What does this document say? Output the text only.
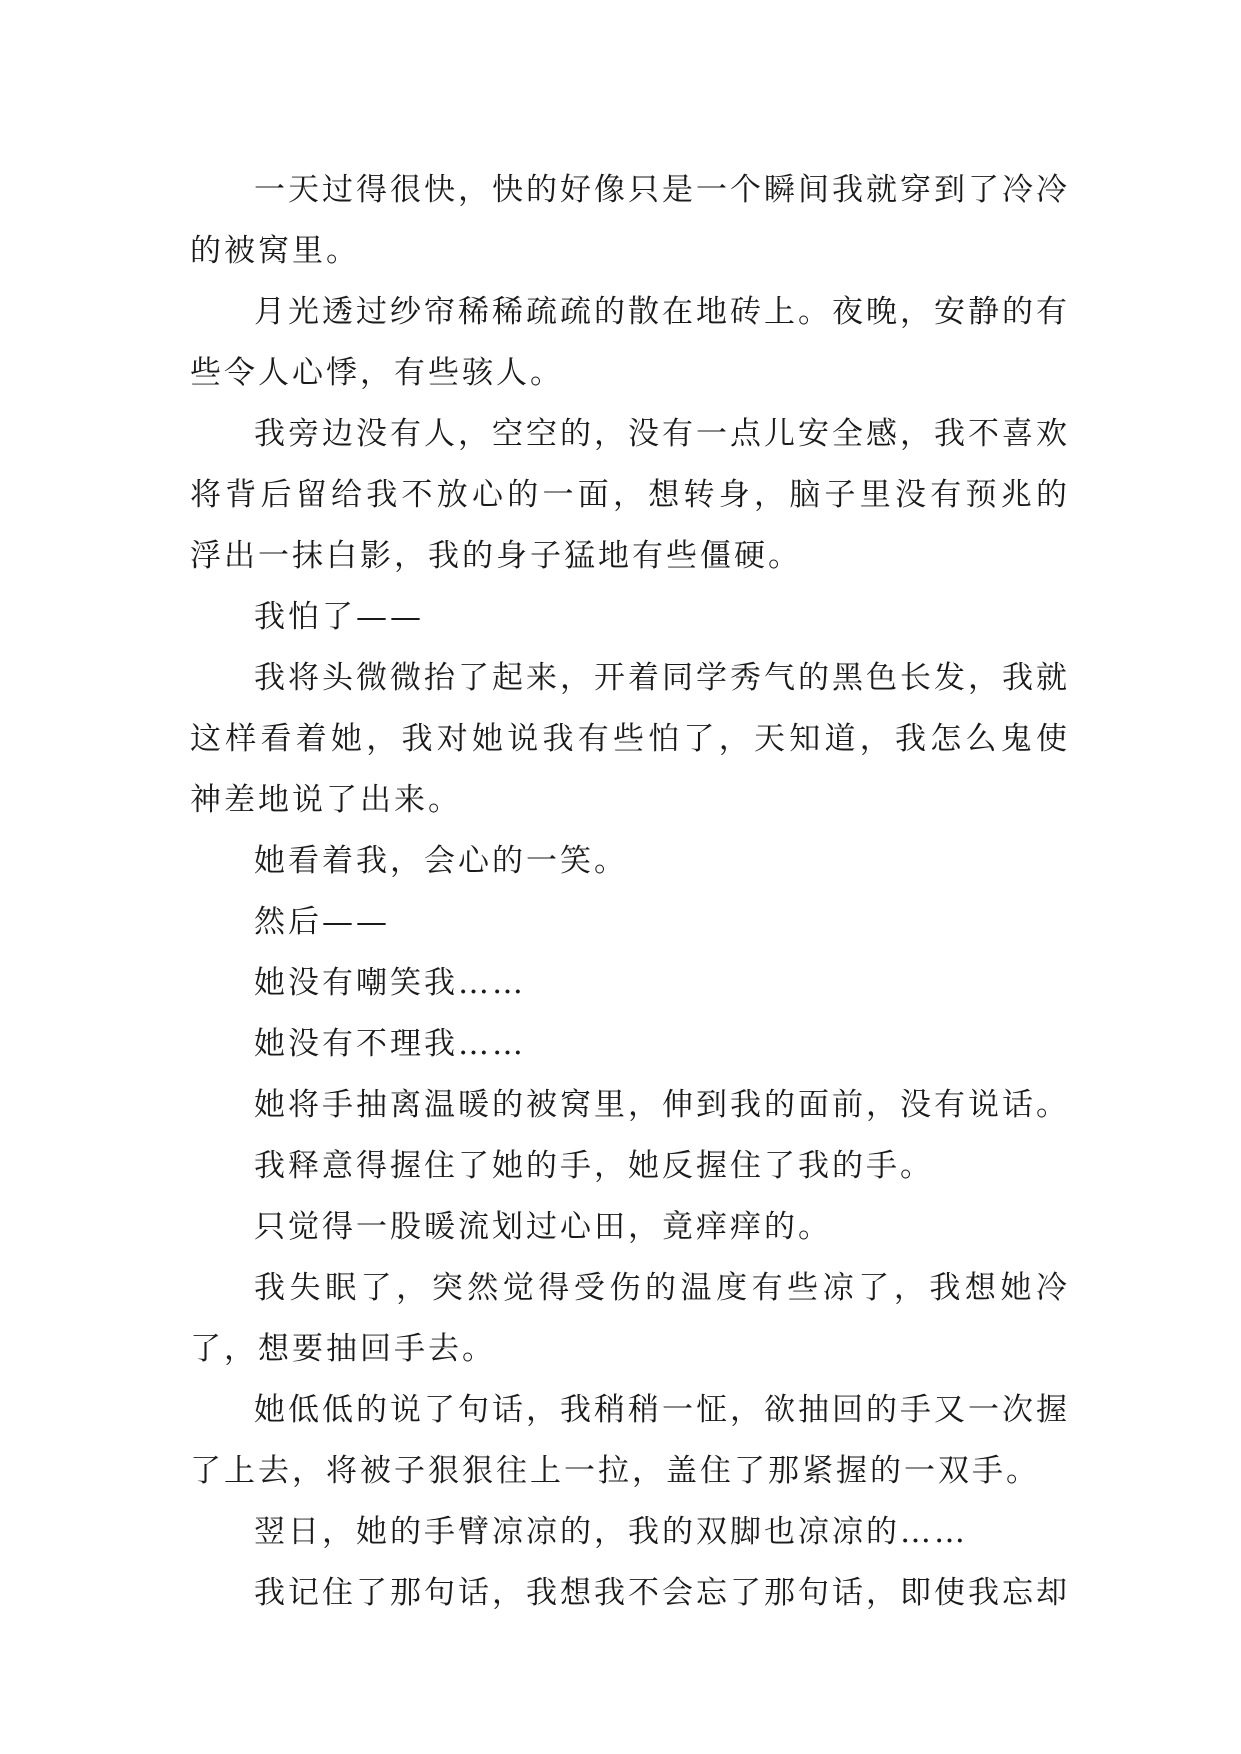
一天过得很快，快的好像只是一个瞬间我就穿到了冷冷的被窝里。

月光透过纱帘稀稀疏疏的散在地砖上。夜晚，安静的有些令人心悸，有些骇人。

我旁边没有人，空空的，没有一点儿安全感，我不喜欢将背后留给我不放心的一面，想转身，脑子里没有预兆的浮出一抹白影，我的身子猛地有些僵硬。

我怕了——

我将头微微抬了起来，开着同学秀气的黑色长发，我就这样看着她，我对她说我有些怕了，天知道，我怎么鬼使神差地说了出来。

她看着我，会心的一笑。

然后——

她没有嘲笑我……

她没有不理我……

她将手抽离温暖的被窝里，伸到我的面前，没有说话。

我释意得握住了她的手，她反握住了我的手。

只觉得一股暖流划过心田，竟痒痒的。

我失眠了，突然觉得受伤的温度有些凉了，我想她冷了，想要抽回手去。

她低低的说了句话，我稍稍一怔，欲抽回的手又一次握了上去，将被子狠狠往上一拉，盖住了那紧握的一双手。

翌日，她的手臂凉凉的，我的双脚也凉凉的……

我记住了那句话，我想我不会忘了那句话，即使我忘却
